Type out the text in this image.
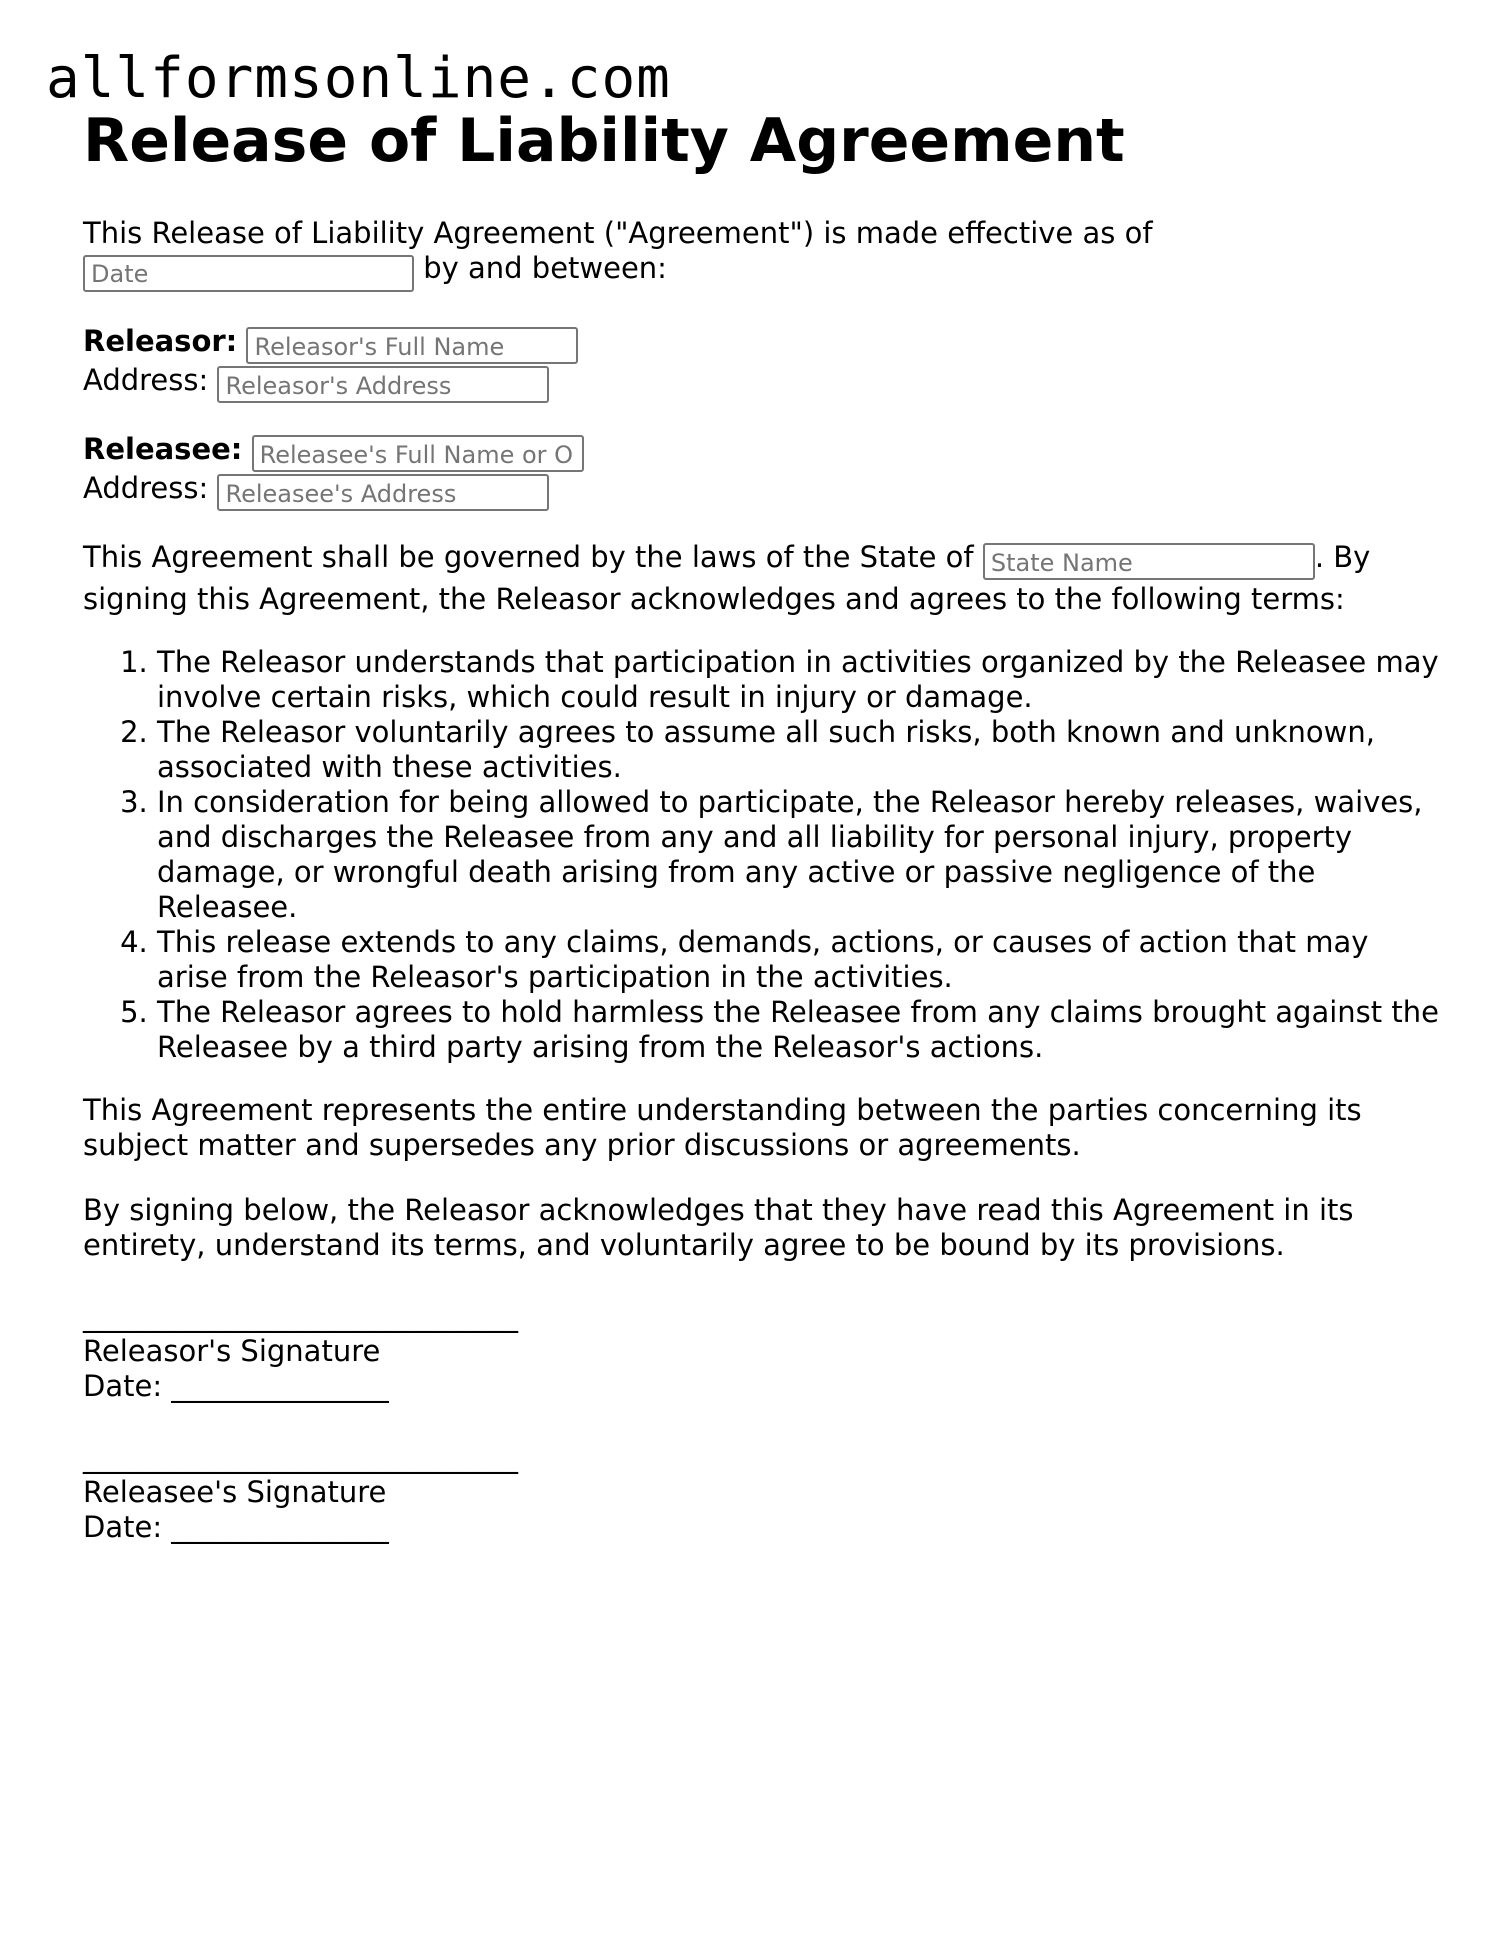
allformsonline.com
Release of Liability Agreement

This Release of Liability Agreement ("Agreement") is made effective as of
Date by and between:

Releasor: Releasor's Full Name
Address: Releasor's Address
Releasee: Releasee's Full Name or O
Address: Releasee's Address

This Agreement shall be governed by the laws of the State of State Name	. By signing this Agreement, the Releasor acknowledges and agrees to the following terms:

1. The Releasor understands that participation in activities organized by the Releasee may involve certain risks, which could result in injury or damage.
2. The Releasor voluntarily agrees to assume all such risks, both known and unknown, associated with these activities.
3. In consideration for being allowed to participate, the Releasor hereby releases, waives, and discharges the Releasee from any and all liability for personal injury, property damage, or wrongful death arising from any active or passive negligence of the Releasee.
4. This release extends to any claims, demands, actions, or causes of action that may arise from the Releasor's participation in the activities.
5. The Releasor agrees to hold harmless the Releasee from any claims brought against the Releasee by a third party arising from the Releasor's actions.

This Agreement represents the entire understanding between the parties concerning its subject matter and supersedes any prior discussions or agreements.

By signing below, the Releasor acknowledges that they have read this Agreement in its entirety, understand its terms, and voluntarily agree to be bound by its provisions.

______________________________
Releasor's Signature
Date: _______________
______________________________
Releasee's Signature
Date: _______________
